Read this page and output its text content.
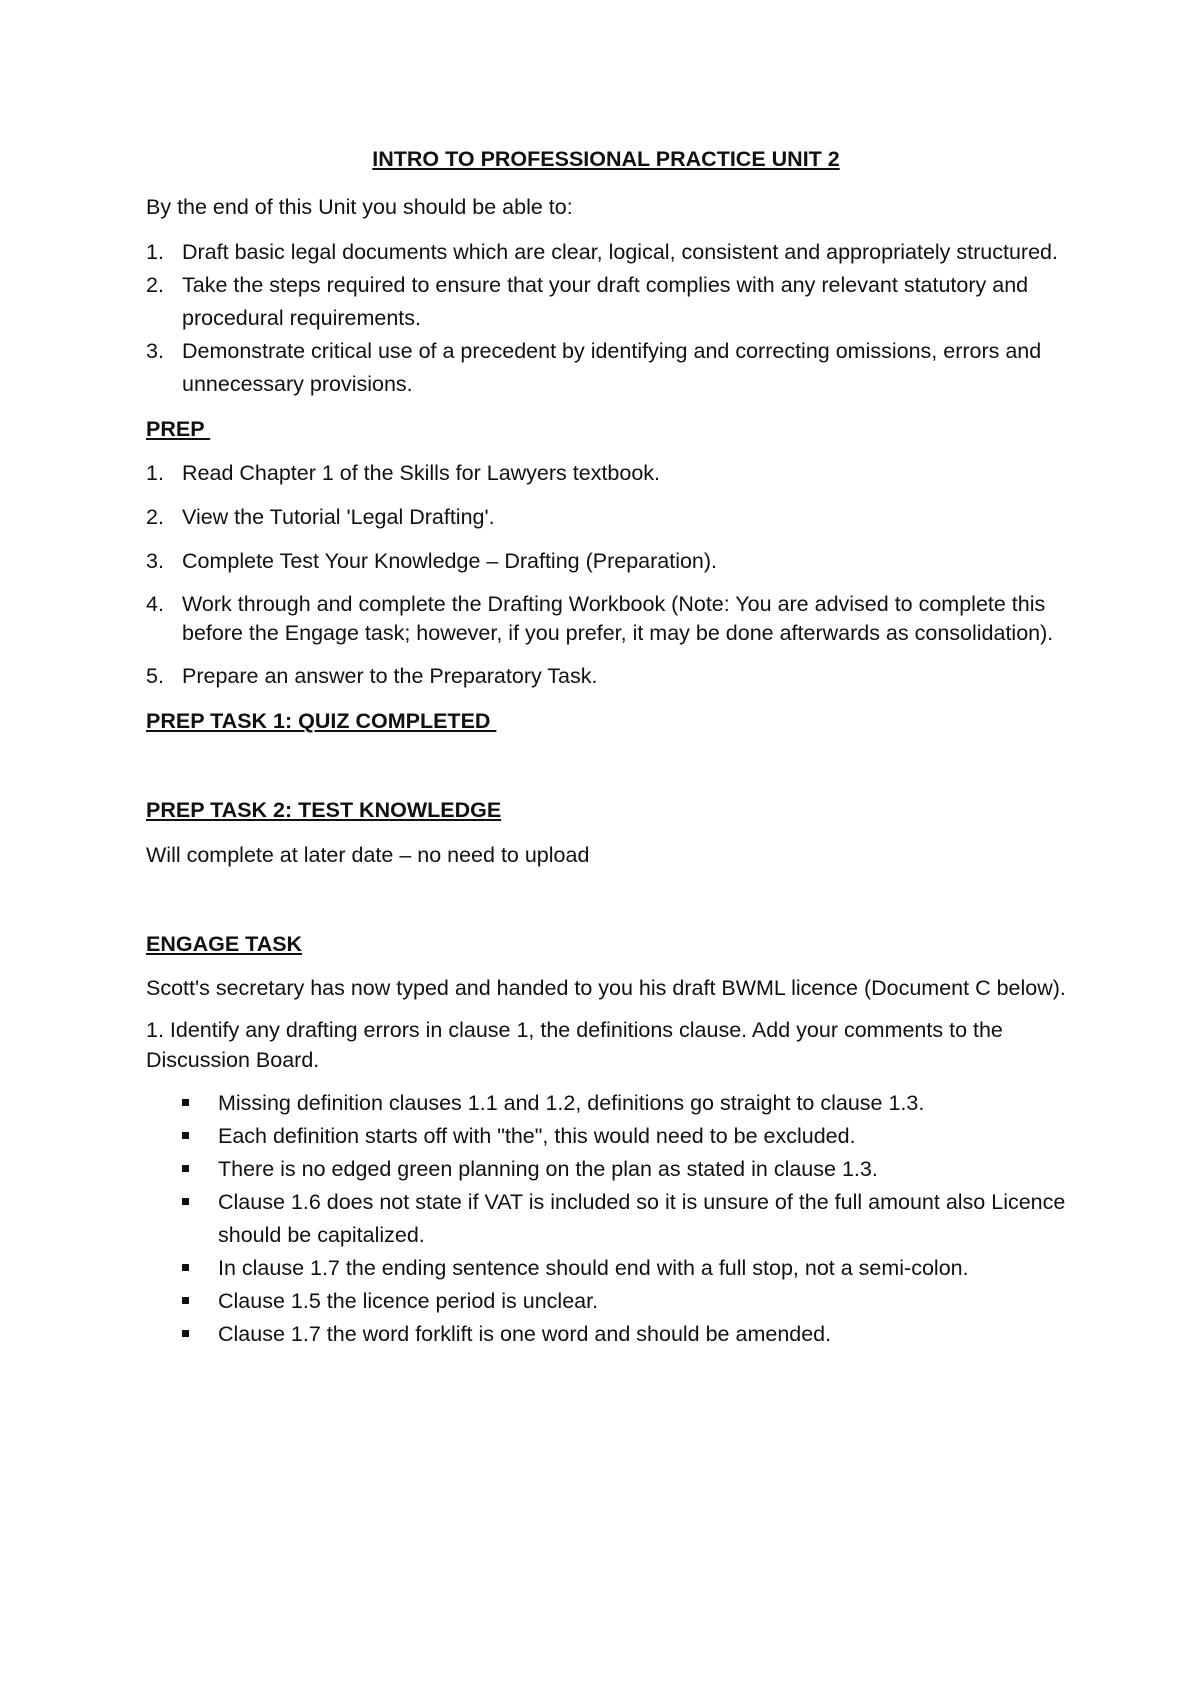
INTRO TO PROFESSIONAL PRACTICE UNIT 2
By the end of this Unit you should be able to:
1. Draft basic legal documents which are clear, logical, consistent and appropriately structured.
2. Take the steps required to ensure that your draft complies with any relevant statutory and procedural requirements.
3. Demonstrate critical use of a precedent by identifying and correcting omissions, errors and unnecessary provisions.
PREP
1. Read Chapter 1 of the Skills for Lawyers textbook.
2. View the Tutorial 'Legal Drafting'.
3. Complete Test Your Knowledge – Drafting (Preparation).
4. Work through and complete the Drafting Workbook (Note: You are advised to complete this before the Engage task; however, if you prefer, it may be done afterwards as consolidation).
5. Prepare an answer to the Preparatory Task.
PREP TASK 1: QUIZ COMPLETED
PREP TASK 2: TEST KNOWLEDGE
Will complete at later date – no need to upload
ENGAGE TASK
Scott's secretary has now typed and handed to you his draft BWML licence (Document C below).
1. Identify any drafting errors in clause 1, the definitions clause. Add your comments to the Discussion Board.
Missing definition clauses 1.1 and 1.2, definitions go straight to clause 1.3.
Each definition starts off with "the", this would need to be excluded.
There is no edged green planning on the plan as stated in clause 1.3.
Clause 1.6 does not state if VAT is included so it is unsure of the full amount also Licence should be capitalized.
In clause 1.7 the ending sentence should end with a full stop, not a semi-colon.
Clause 1.5 the licence period is unclear.
Clause 1.7 the word forklift is one word and should be amended.
